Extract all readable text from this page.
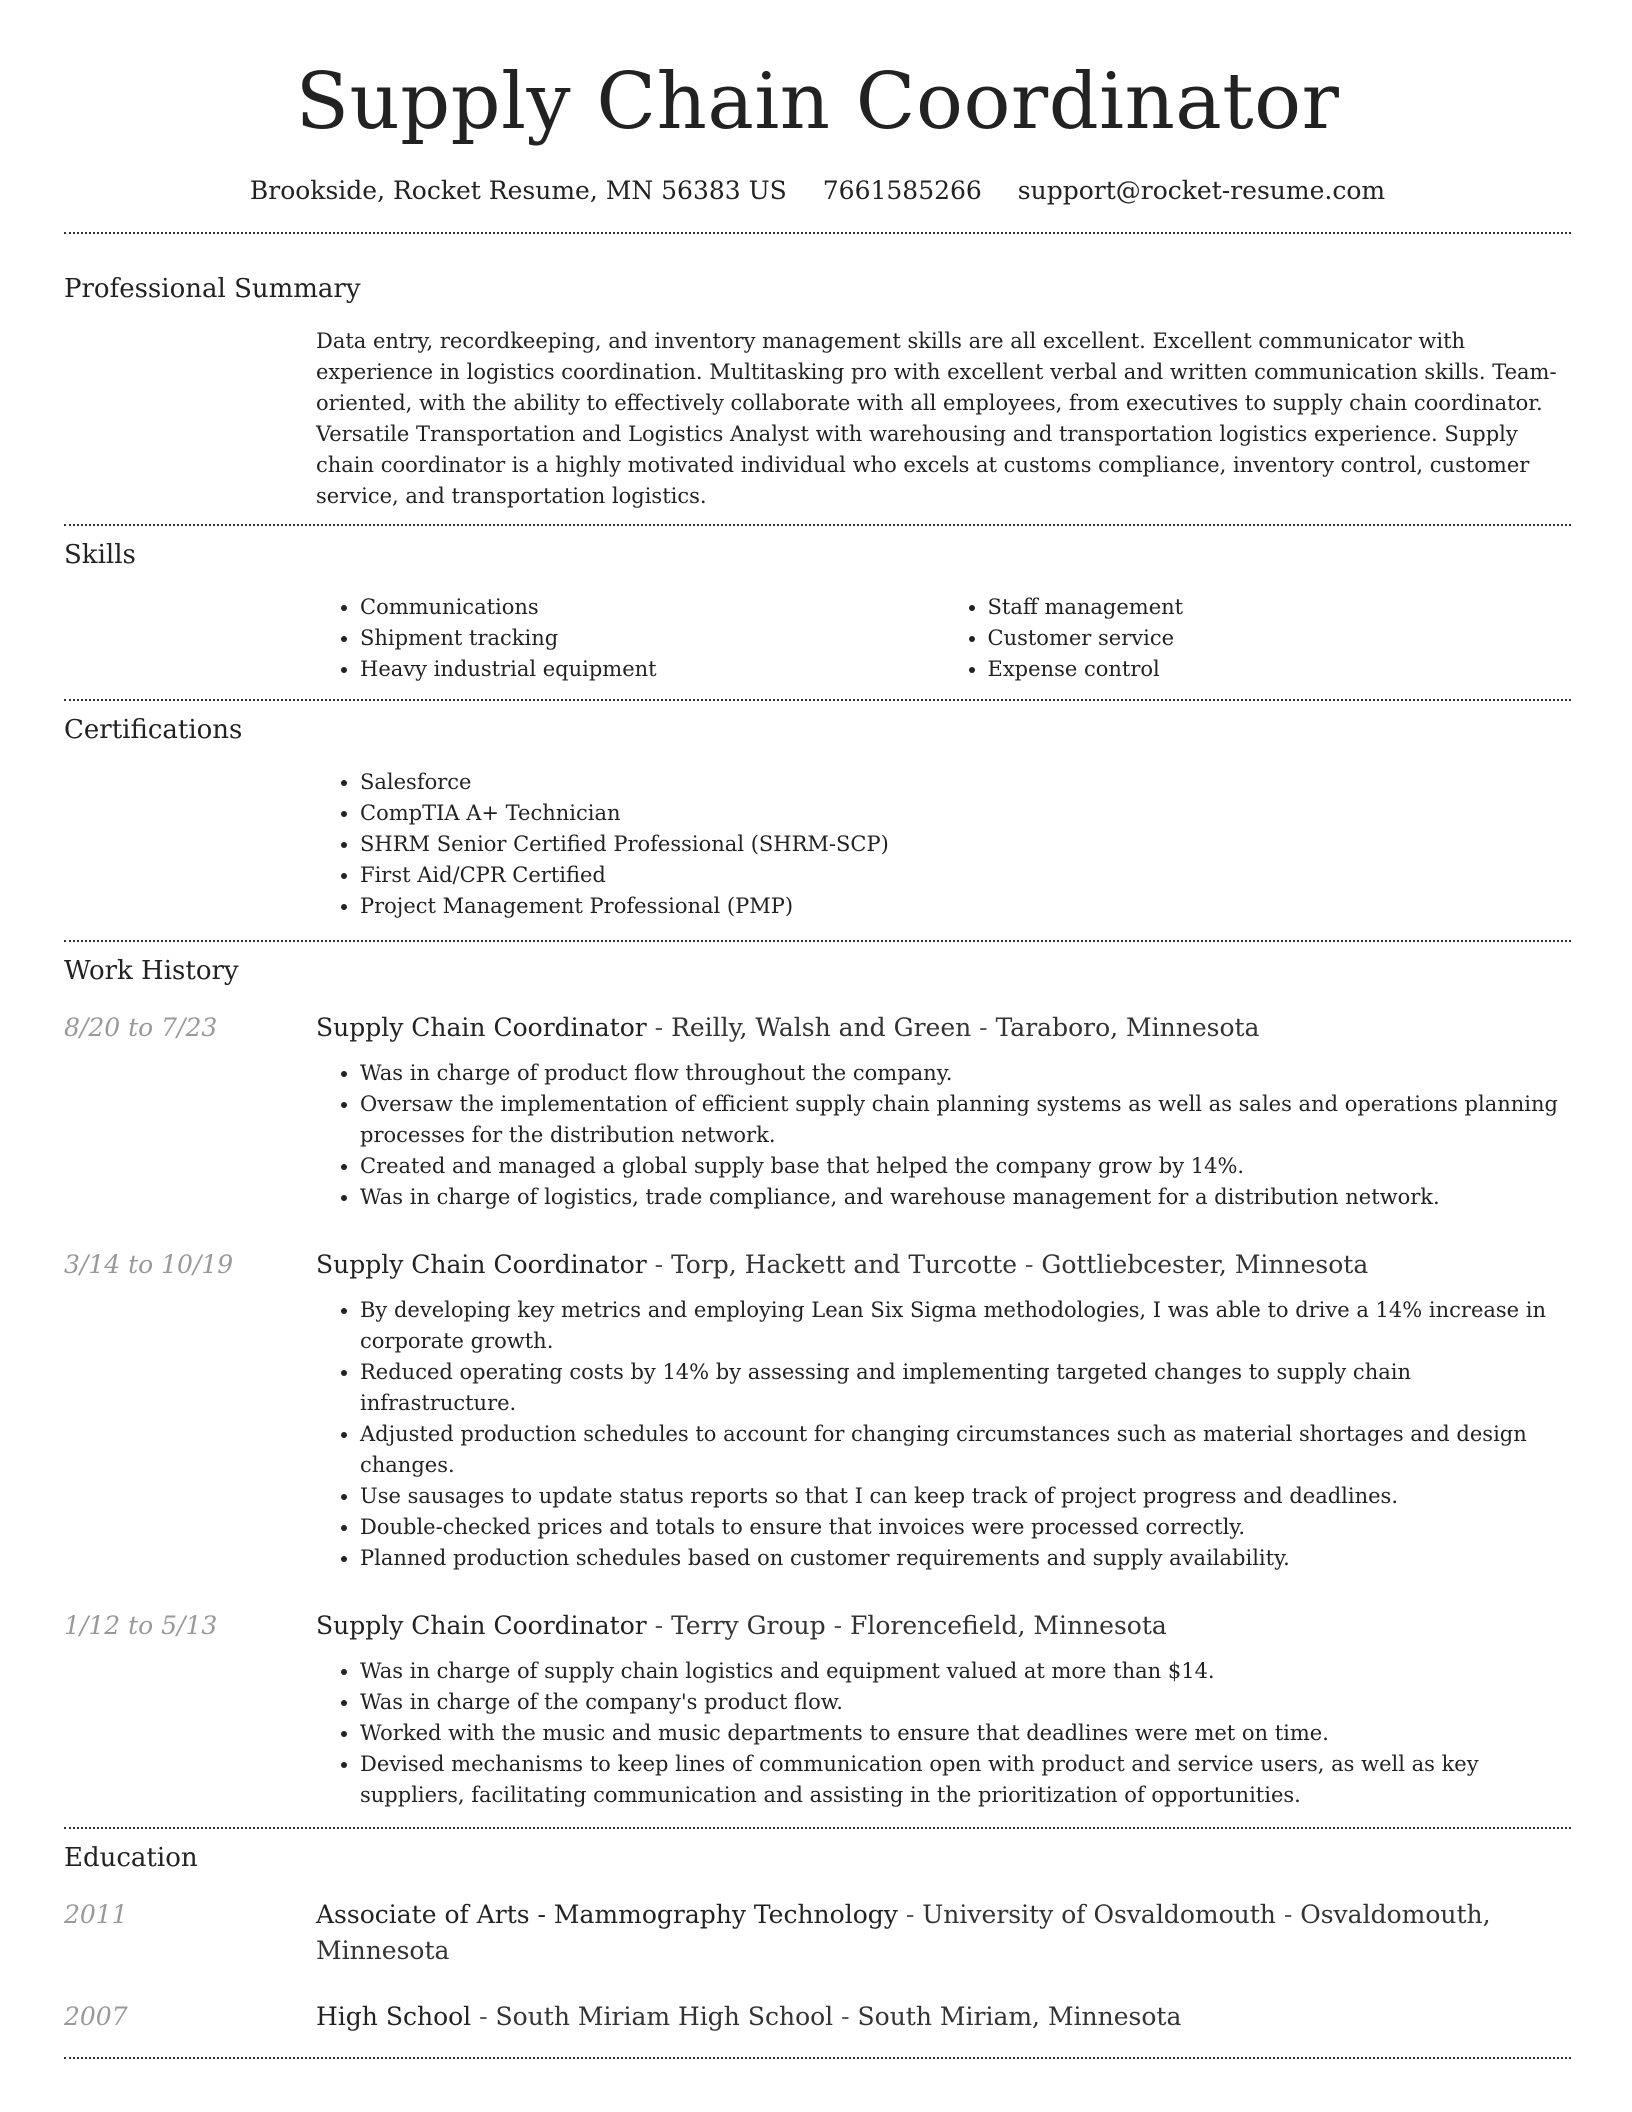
Supply Chain Coordinator
Brookside, Rocket Resume, MN 56383 US 7661585266 support@rocket-resume.com
Professional Summary

Data entry, recordkeeping, and inventory management skills are all excellent. Excellent communicator with experience in logistics coordination. Multitasking pro with excellent verbal and written communication skills. Team-oriented, with the ability to effectively collaborate with all employees, from executives to supply chain coordinator. Versatile Transportation and Logistics Analyst with warehousing and transportation logistics experience. Supply chain coordinator is a highly motivated individual who excels at customs compliance, inventory control, customer service, and transportation logistics.

Skills
• Communications
• Shipment tracking
• Heavy industrial equipment
• Staff management
• Customer service
• Expense control
Certifications
• Salesforce
• CompTIA A+ Technician
• SHRM Senior Certified Professional (SHRM-SCP)
• First Aid/CPR Certified
• Project Management Professional (PMP)
Work History
8/20 to 7/23	Supply Chain Coordinator - Reilly, Walsh and Green - Taraboro, Minnesota
• Was in charge of product flow throughout the company.
• Oversaw the implementation of efficient supply chain planning systems as well as sales and operations planning processes for the distribution network.
• Created and managed a global supply base that helped the company grow by 14%.
• Was in charge of logistics, trade compliance, and warehouse management for a distribution network.
3/14 to 10/19	Supply Chain Coordinator - Torp, Hackett and Turcotte - Gottliebcester, Minnesota
• By developing key metrics and employing Lean Six Sigma methodologies, I was able to drive a 14% increase in corporate growth.
• Reduced operating costs by 14% by assessing and implementing targeted changes to supply chain infrastructure.
• Adjusted production schedules to account for changing circumstances such as material shortages and design changes.
• Use sausages to update status reports so that I can keep track of project progress and deadlines.
• Double-checked prices and totals to ensure that invoices were processed correctly.
• Planned production schedules based on customer requirements and supply availability.
1/12 to 5/13	Supply Chain Coordinator - Terry Group - Florencefield, Minnesota
• Was in charge of supply chain logistics and equipment valued at more than $14.
• Was in charge of the company's product flow.
• Worked with the music and music departments to ensure that deadlines were met on time.
• Devised mechanisms to keep lines of communication open with product and service users, as well as key suppliers, facilitating communication and assisting in the prioritization of opportunities.
Education
2011	Associate of Arts - Mammography Technology - University of Osvaldomouth - Osvaldomouth, Minnesota
2007	High School - South Miriam High School - South Miriam, Minnesota
